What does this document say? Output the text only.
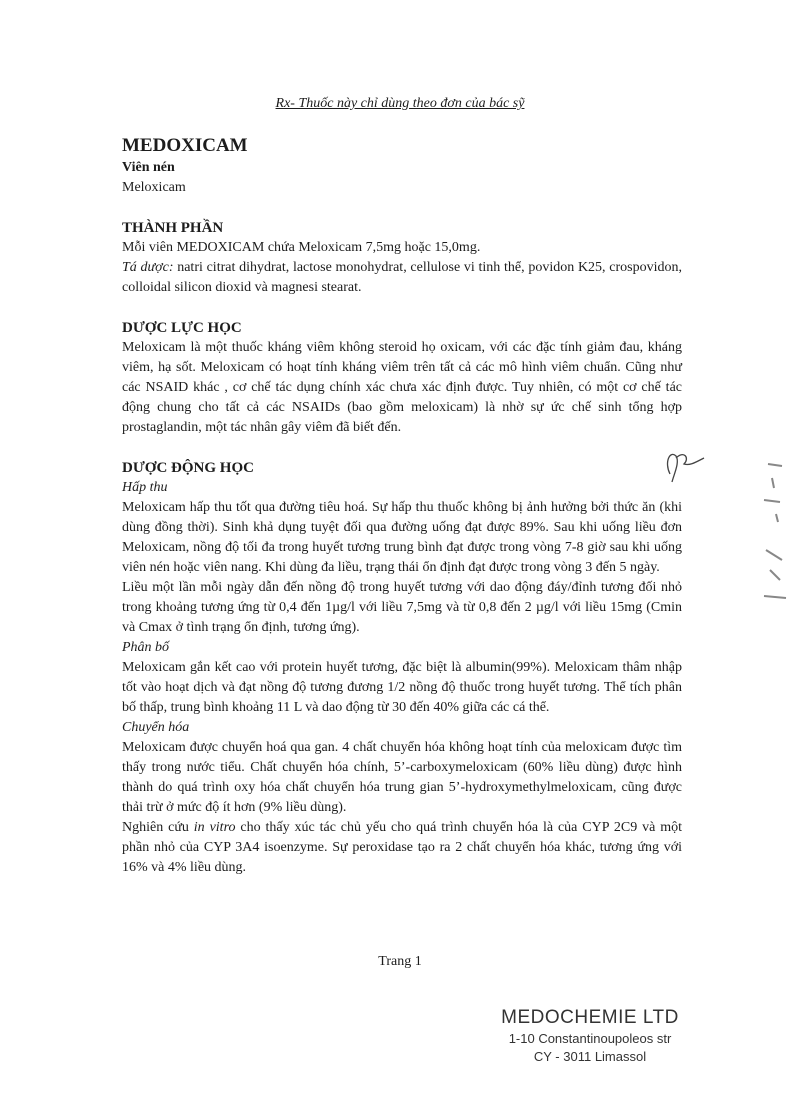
Rx- Thuốc này chỉ dùng theo đơn của bác sỹ
MEDOXICAM
Viên nén
Meloxicam
THÀNH PHẦN

Mỗi viên MEDOXICAM chứa Meloxicam 7,5mg hoặc 15,0mg.

Tá dược: natri citrat dihydrat, lactose monohydrat, cellulose vi tinh thể, povidon K25, crospovidon, colloidal silicon dioxid và magnesi stearat.

DƯỢC LỰC HỌC

Meloxicam là một thuốc kháng viêm không steroid họ oxicam, với các đặc tính giảm đau, kháng viêm, hạ sốt. Meloxicam có hoạt tính kháng viêm trên tất cả các mô hình viêm chuẩn. Cũng như các NSAID khác , cơ chế tác dụng chính xác chưa xác định được. Tuy nhiên, có một cơ chế tác động chung cho tất cả các NSAIDs (bao gồm meloxicam) là nhờ sự ức chế sinh tổng hợp prostaglandin, một tác nhân gây viêm đã biết đến.

DƯỢC ĐỘNG HỌC
Hấp thu

Meloxicam hấp thu tốt qua đường tiêu hoá. Sự hấp thu thuốc không bị ảnh hưởng bởi thức ăn (khi dùng đồng thời). Sinh khả dụng tuyệt đối qua đường uống đạt được 89%. Sau khi uống liều đơn Meloxicam, nồng độ tối đa trong huyết tương trung bình đạt được trong vòng 7-8 giờ sau khi uống viên nén hoặc viên nang. Khi dùng đa liều, trạng thái ổn định đạt được trong vòng 3 đến 5 ngày.

Liều một lần mỗi ngày dẫn đến nồng độ trong huyết tương với dao động đáy/đỉnh tương đối nhỏ trong khoảng tương ứng từ 0,4 đến 1µg/l với liều 7,5mg và từ 0,8 đến 2 µg/l với liều 15mg (Cmin và Cmax ở tình trạng ổn định, tương ứng).

Phân bố

Meloxicam gắn kết cao với protein huyết tương, đặc biệt là albumin(99%). Meloxicam thâm nhập tốt vào hoạt dịch và đạt nồng độ tương đương 1/2 nồng độ thuốc trong huyết tương. Thể tích phân bố thấp, trung bình khoảng 11 L và dao động từ 30 đến 40% giữa các cá thể.

Chuyển hóa

Meloxicam được chuyển hoá qua gan. 4 chất chuyển hóa không hoạt tính của meloxicam được tìm thấy trong nước tiểu. Chất chuyển hóa chính, 5’-carboxymeloxicam (60% liều dùng) được hình thành do quá trình oxy hóa chất chuyển hóa trung gian 5’-hydroxymethylmeloxicam, cũng được thải trừ ở mức độ ít hơn (9% liều dùng).

Nghiên cứu in vitro cho thấy xúc tác chủ yếu cho quá trình chuyển hóa là của CYP 2C9 và một phần nhỏ của CYP 3A4 isoenzyme. Sự peroxidase tạo ra 2 chất chuyển hóa khác, tương ứng với 16% và 4% liều dùng.

Trang 1
MEDOCHEMIE LTD
1-10 Constantinoupoleos str
CY - 3011 Limassol
